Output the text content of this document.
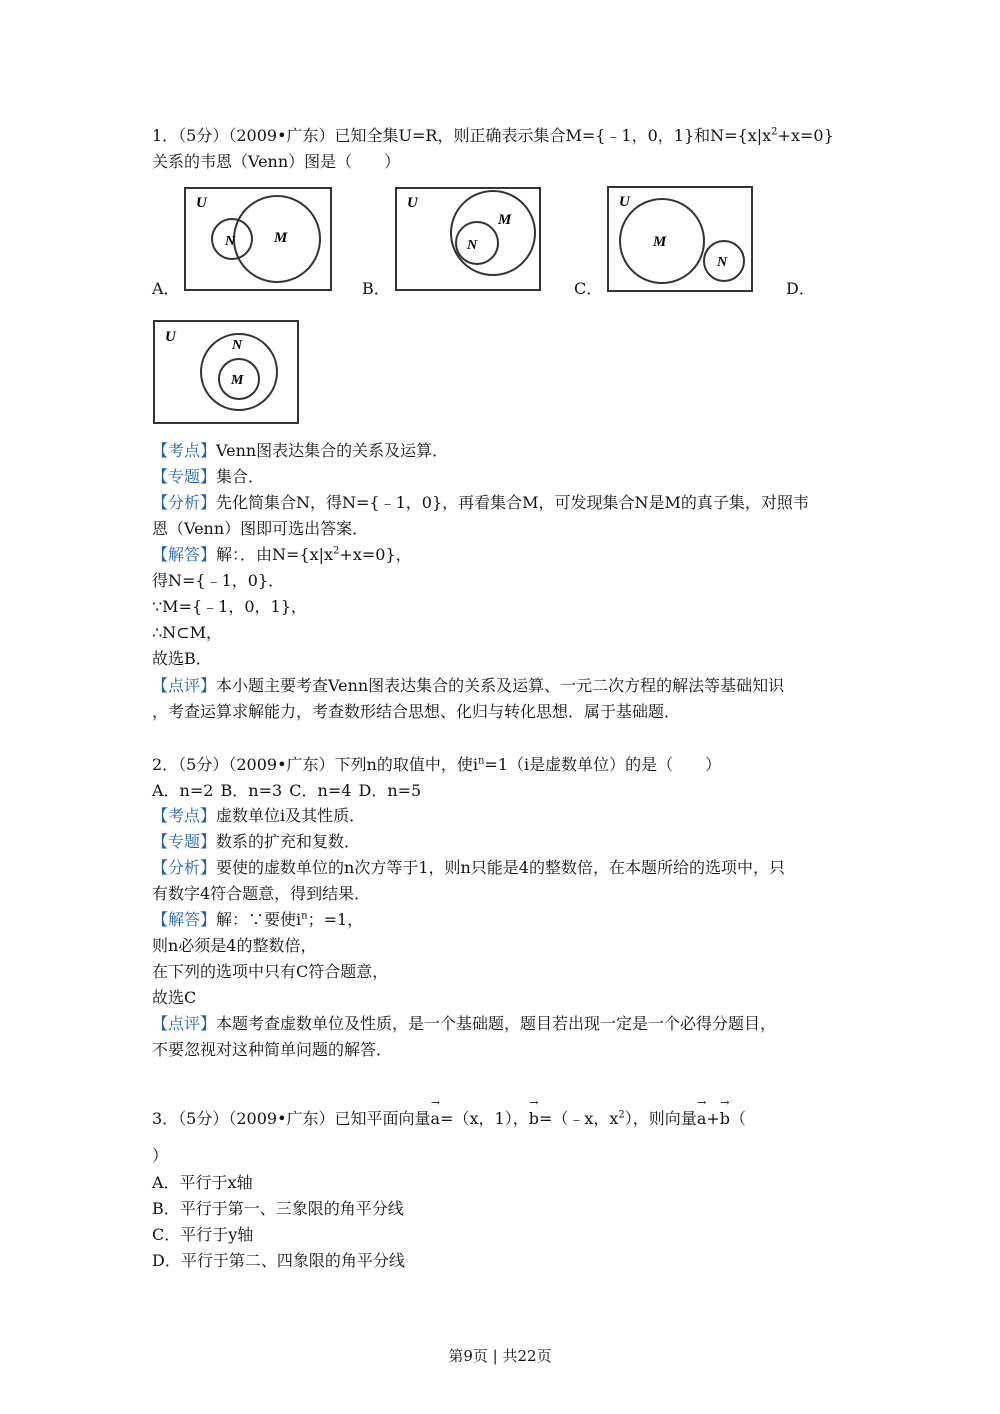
1．（5分）（2009•广东）已知全集U=R，则正确表示集合M={﹣1，0，1}和$N=\{x|x^2+x=0\}$
关系的韦恩（Venn）图是（　　）
U
N	M
A．
U
M
N
B．
U
M
N
C．	D．
U
N
M
【考点】Venn图表达集合的关系及运算．
【专题】集合．
【分析】先化简集合N，得N={﹣1，0}，再看集合M，可发现集合N是M的真子集，对照韦
恩（Venn）图即可选出答案．
【解答】解：．由$N=\{x|x^2+x=0\}$，
得N={﹣1，0}．
∵M={﹣1，0，1}，
∴N⊂M，
故选B．
【点评】本小题主要考查Venn图表达集合的关系及运算、一元二次方程的解法等基础知识
，考查运算求解能力，考查数形结合思想、化归与转化思想．属于基础题．
2．（5分）（2009•广东）下列n的取值中，使$i^n=1(i$是虚数单位）的是（　　）
A．n=2 B．n=3 C．n=4 D．n=5
【考点】虚数单位i及其性质．
【专题】数系的扩充和复数．
【分析】要使的虚数单位的n次方等于1，则n只能是4的整数倍，在本题所给的选项中，只
有数字4符合题意，得到结果．
【解答】解：∵要使$i^n$；=1，
则n必须是4的整数倍，
在下列的选项中只有C符合题意，
故选C
【点评】本题考查虚数单位及性质，是一个基础题，题目若出现一定是一个必得分题目，
不要忽视对这种简单问题的解答．
3．（5分）（2009•广东）已知平面向量→ a=（x，1），→ b=（﹣x，$x^2$），则向量→ a+→ b（
）
A．平行于x轴
B．平行于第一、三象限的角平分线
C．平行于y轴
D．平行于第二、四象限的角平分线
第9页 | 共22页
